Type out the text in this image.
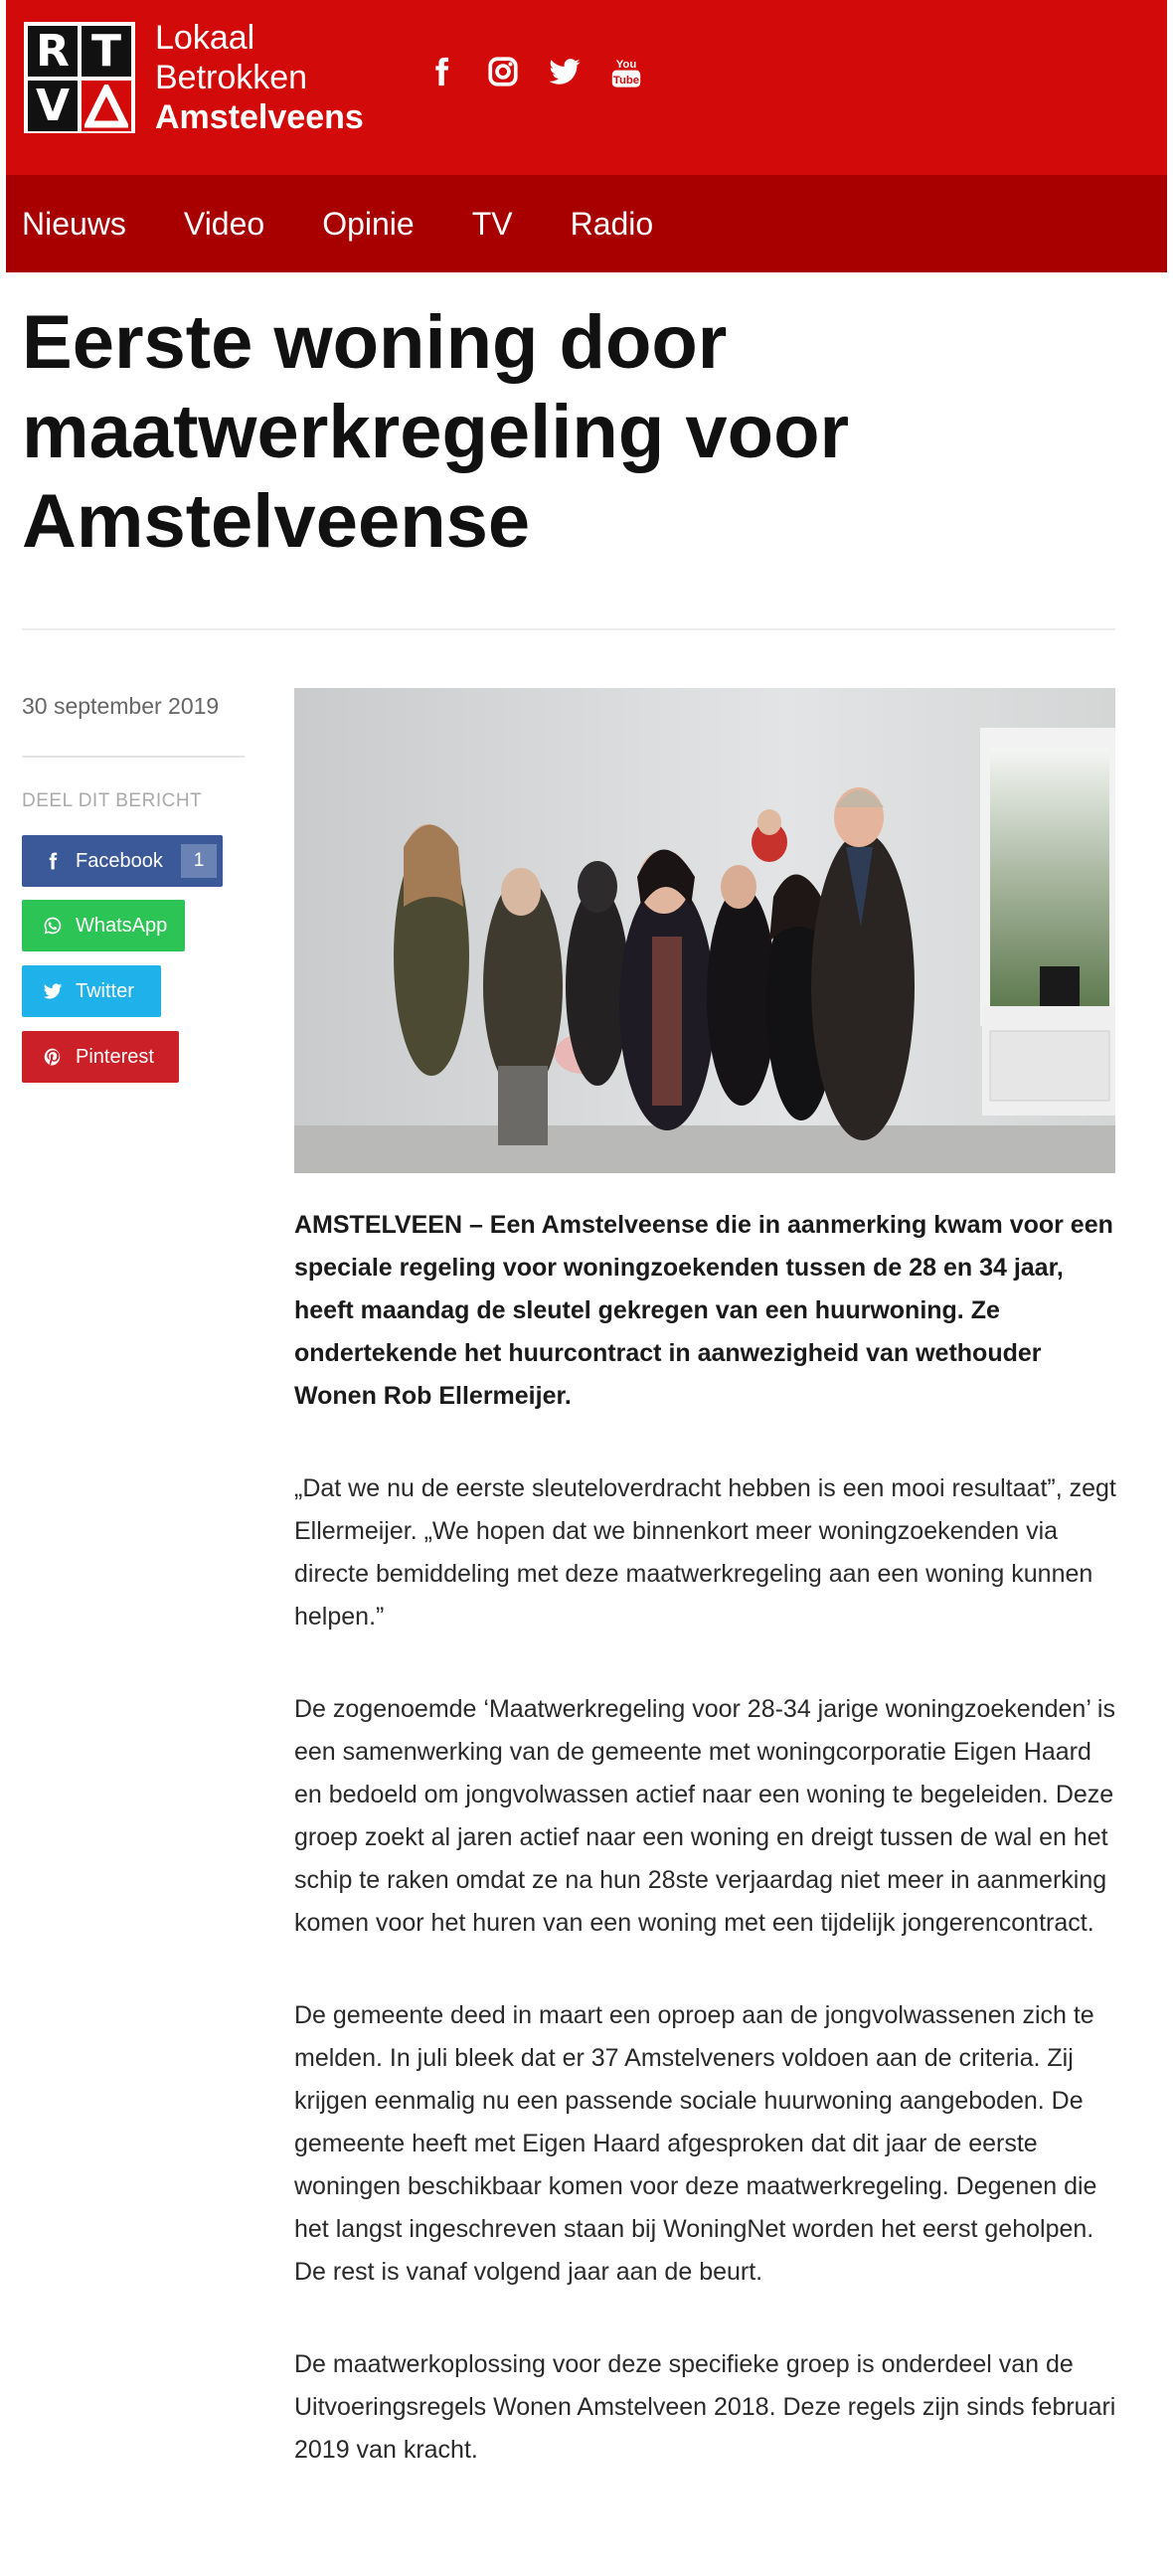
R T
V
Lokaal
Betrokken
Amstelveens
You
Tube
Nieuws Video Opinie TV Radio
Eerste woning door maatwerkregeling voor Amstelveense
30 september 2019
DEEL DIT BERICHT
Facebook	1
WhatsApp
Twitter
Pinterest

AMSTELVEEN – Een Amstelveense die in aanmerking kwam voor een speciale regeling voor woningzoekenden tussen de 28 en 34 jaar, heeft maandag de sleutel gekregen van een huurwoning. Ze ondertekende het huurcontract in aanwezigheid van wethouder Wonen Rob Ellermeijer.

„Dat we nu de eerste sleuteloverdracht hebben is een mooi resultaat”, zegt Ellermeijer. „We hopen dat we binnenkort meer woningzoekenden via directe bemiddeling met deze maatwerkregeling aan een woning kunnen helpen.”

De zogenoemde ‘Maatwerkregeling voor 28-34 jarige woningzoekenden’ is een samenwerking van de gemeente met woningcorporatie Eigen Haard en bedoeld om jongvolwassen actief naar een woning te begeleiden. Deze groep zoekt al jaren actief naar een woning en dreigt tussen de wal en het schip te raken omdat ze na hun 28ste verjaardag niet meer in aanmerking komen voor het huren van een woning met een tijdelijk jongerencontract.

De gemeente deed in maart een oproep aan de jongvolwassenen zich te melden. In juli bleek dat er 37 Amstelveners voldoen aan de criteria. Zij krijgen eenmalig nu een passende sociale huurwoning aangeboden. De gemeente heeft met Eigen Haard afgesproken dat dit jaar de eerste woningen beschikbaar komen voor deze maatwerkregeling. Degenen die het langst ingeschreven staan bij WoningNet worden het eerst geholpen. De rest is vanaf volgend jaar aan de beurt.

De maatwerkoplossing voor deze specifieke groep is onderdeel van de Uitvoeringsregels Wonen Amstelveen 2018. Deze regels zijn sinds februari 2019 van kracht.
